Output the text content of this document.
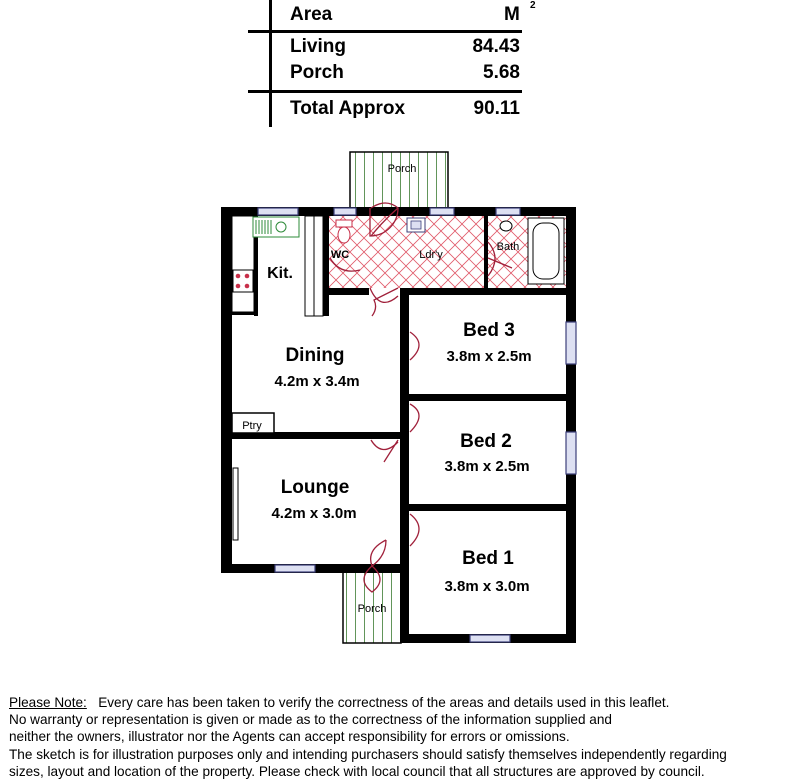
Area	M 2
Living	84.43
Porch	5.68
Total Approx	90.11
Porch
WC	Ldr'y
Bath
Kit.
Dining
4.2m x 3.4m
Ptry
Lounge
4.2m x 3.0m
Porch
Bed 3
3.8m x 2.5m
Bed 2
3.8m x 2.5m
Bed 1
3.8m x 3.0m

Please Note: Every care has been taken to verify the correctness of the areas and details used in this leaflet.

No warranty or representation is given or made as to the correctness of the information supplied and

neither the owners, illustrator nor the Agents can accept responsibility for errors or omissions.

The sketch is for illustration purposes only and intending purchasers should satisfy themselves independently regarding

sizes, layout and location of the property. Please check with local council that all structures are approved by council.
